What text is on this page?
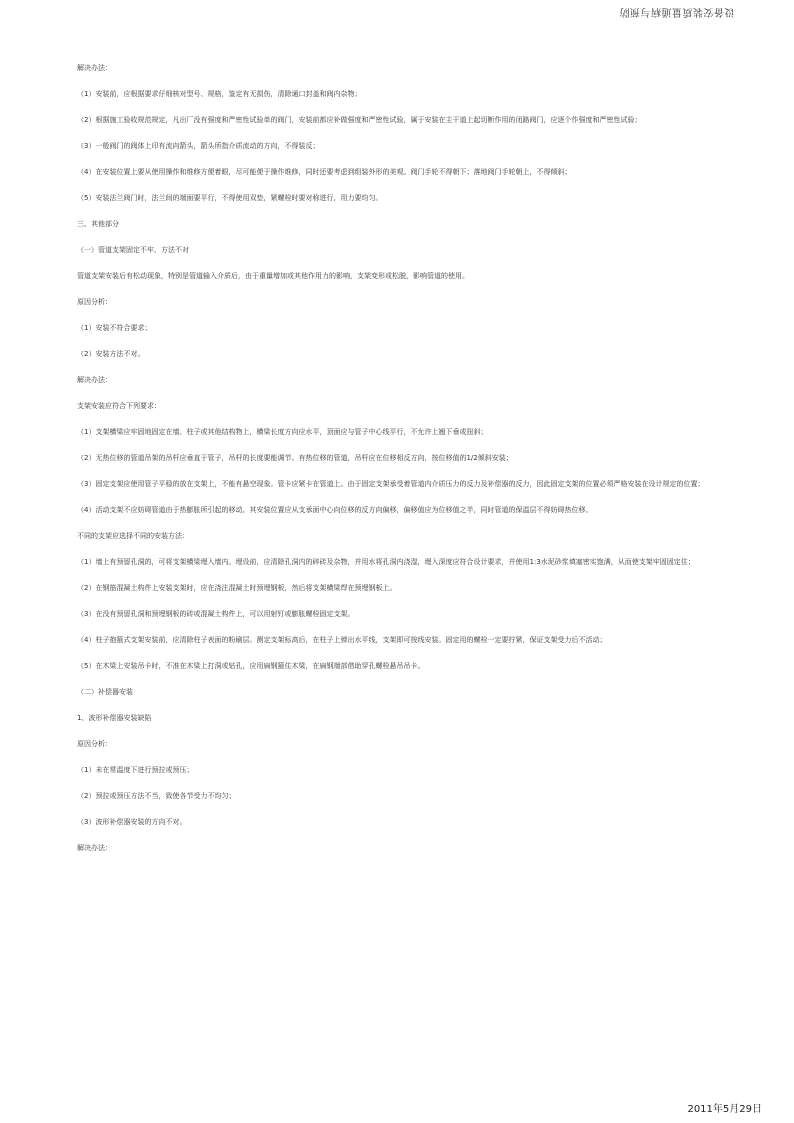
设备安装质量通病与预防

解决办法：

（1）安装前，应根据要求仔细核对型号、规格，鉴定有无损伤，清除通口封盖和阀内杂物；

（2）根据施工验收规范规定，凡出厂没有强度和严密性试验单的阀门，安装前都应补做强度和严密性试验，属于安装在主干道上起切断作用的闭路阀门，应逐个作强度和严密性试验；

（3）一般阀门的阀体上印有流向箭头，箭头所指介质流动的方向，不得装反；

（4）在安装位置上要从使用操作和维修方便着眼，尽可能便于操作维修，同时还要考虑到组装外形的美观。阀门手轮不得朝下；落地阀门手轮朝上，不得倾斜；

（5）安装法兰阀门时，法兰间的端面要平行，不得使用双垫，紧螺栓时要对称进行，用力要均匀。

三、其他部分

（一）管道支架固定不牢、方法不对

管道支架安装后有松动现象，特别是管道输入介质后，由于重量增加或其他作用力的影响，支架变形或松脱，影响管道的使用。

原因分析：

（1）安装不符合要求；

（2）安装方法不对。

解决办法：

支架安装应符合下列要求：

（1）支架横梁应牢固地固定在墙、柱子或其他结构物上，横梁长度方向应水平，顶面应与管子中心线平行，不允许上翘下垂或扭斜；

（2）无热位移的管道吊架的吊杆应垂直于管子，吊杆的长度要能调节。有热位移的管道，吊杆应在位移相反方向，按位移值的1/2倾斜安装；

（3）固定支架应使用管子平稳的放在支架上，不能有悬空现象。管卡应紧卡在管道上。由于固定支架承受着管道内介质压力的反力及补偿器的反力，因此固定支架的位置必须严格安装在设计规定的位置；

（4）活动支架不应妨碍管道由于热膨胀所引起的移动。其安装位置应从支承面中心向位移的反方向偏移，偏移值应为位移值之半，同时管道的保温层不得妨碍热位移。

不同的支架应选择不同的安装方法：

（1）墙上有预留孔洞的，可将支架横梁埋入墙内。埋设前，应清除孔洞内的碎砖及杂物，并用水将孔洞内浇湿，埋入深度应符合设计要求，并使用1:3水泥砂浆填塞密实饱满，从而使支架牢固固定住；

（2）在钢筋混凝土构件上安装支架时，应在浇注混凝土时预埋钢板，然后将支架横梁焊在预埋钢板上。

（3）在没有预留孔洞和预埋钢板的砖或混凝土构件上，可以用射钉或膨胀螺栓固定支架。

（4）柱子抱箍式支架安装前，应清除柱子表面的粉刷层。测定支架标高后，在柱子上弹出水平线，支架即可按线安装。固定用的螺栓一定要拧紧，保证支架受力后不活动；

（5）在木梁上安装吊卡时，不准在木梁上打洞或钻孔，应用扁钢箍住木梁，在扁钢端部借助穿孔螺栓悬吊吊卡。

（二）补偿器安装

1、波形补偿器安装缺陷

原因分析：

（1）未在常温度下进行预拉或预压；

（2）预拉或预压方法不当，致使各节受力不均匀；

（3）波形补偿器安装的方向不对。

解决办法：

2011年5月29日
